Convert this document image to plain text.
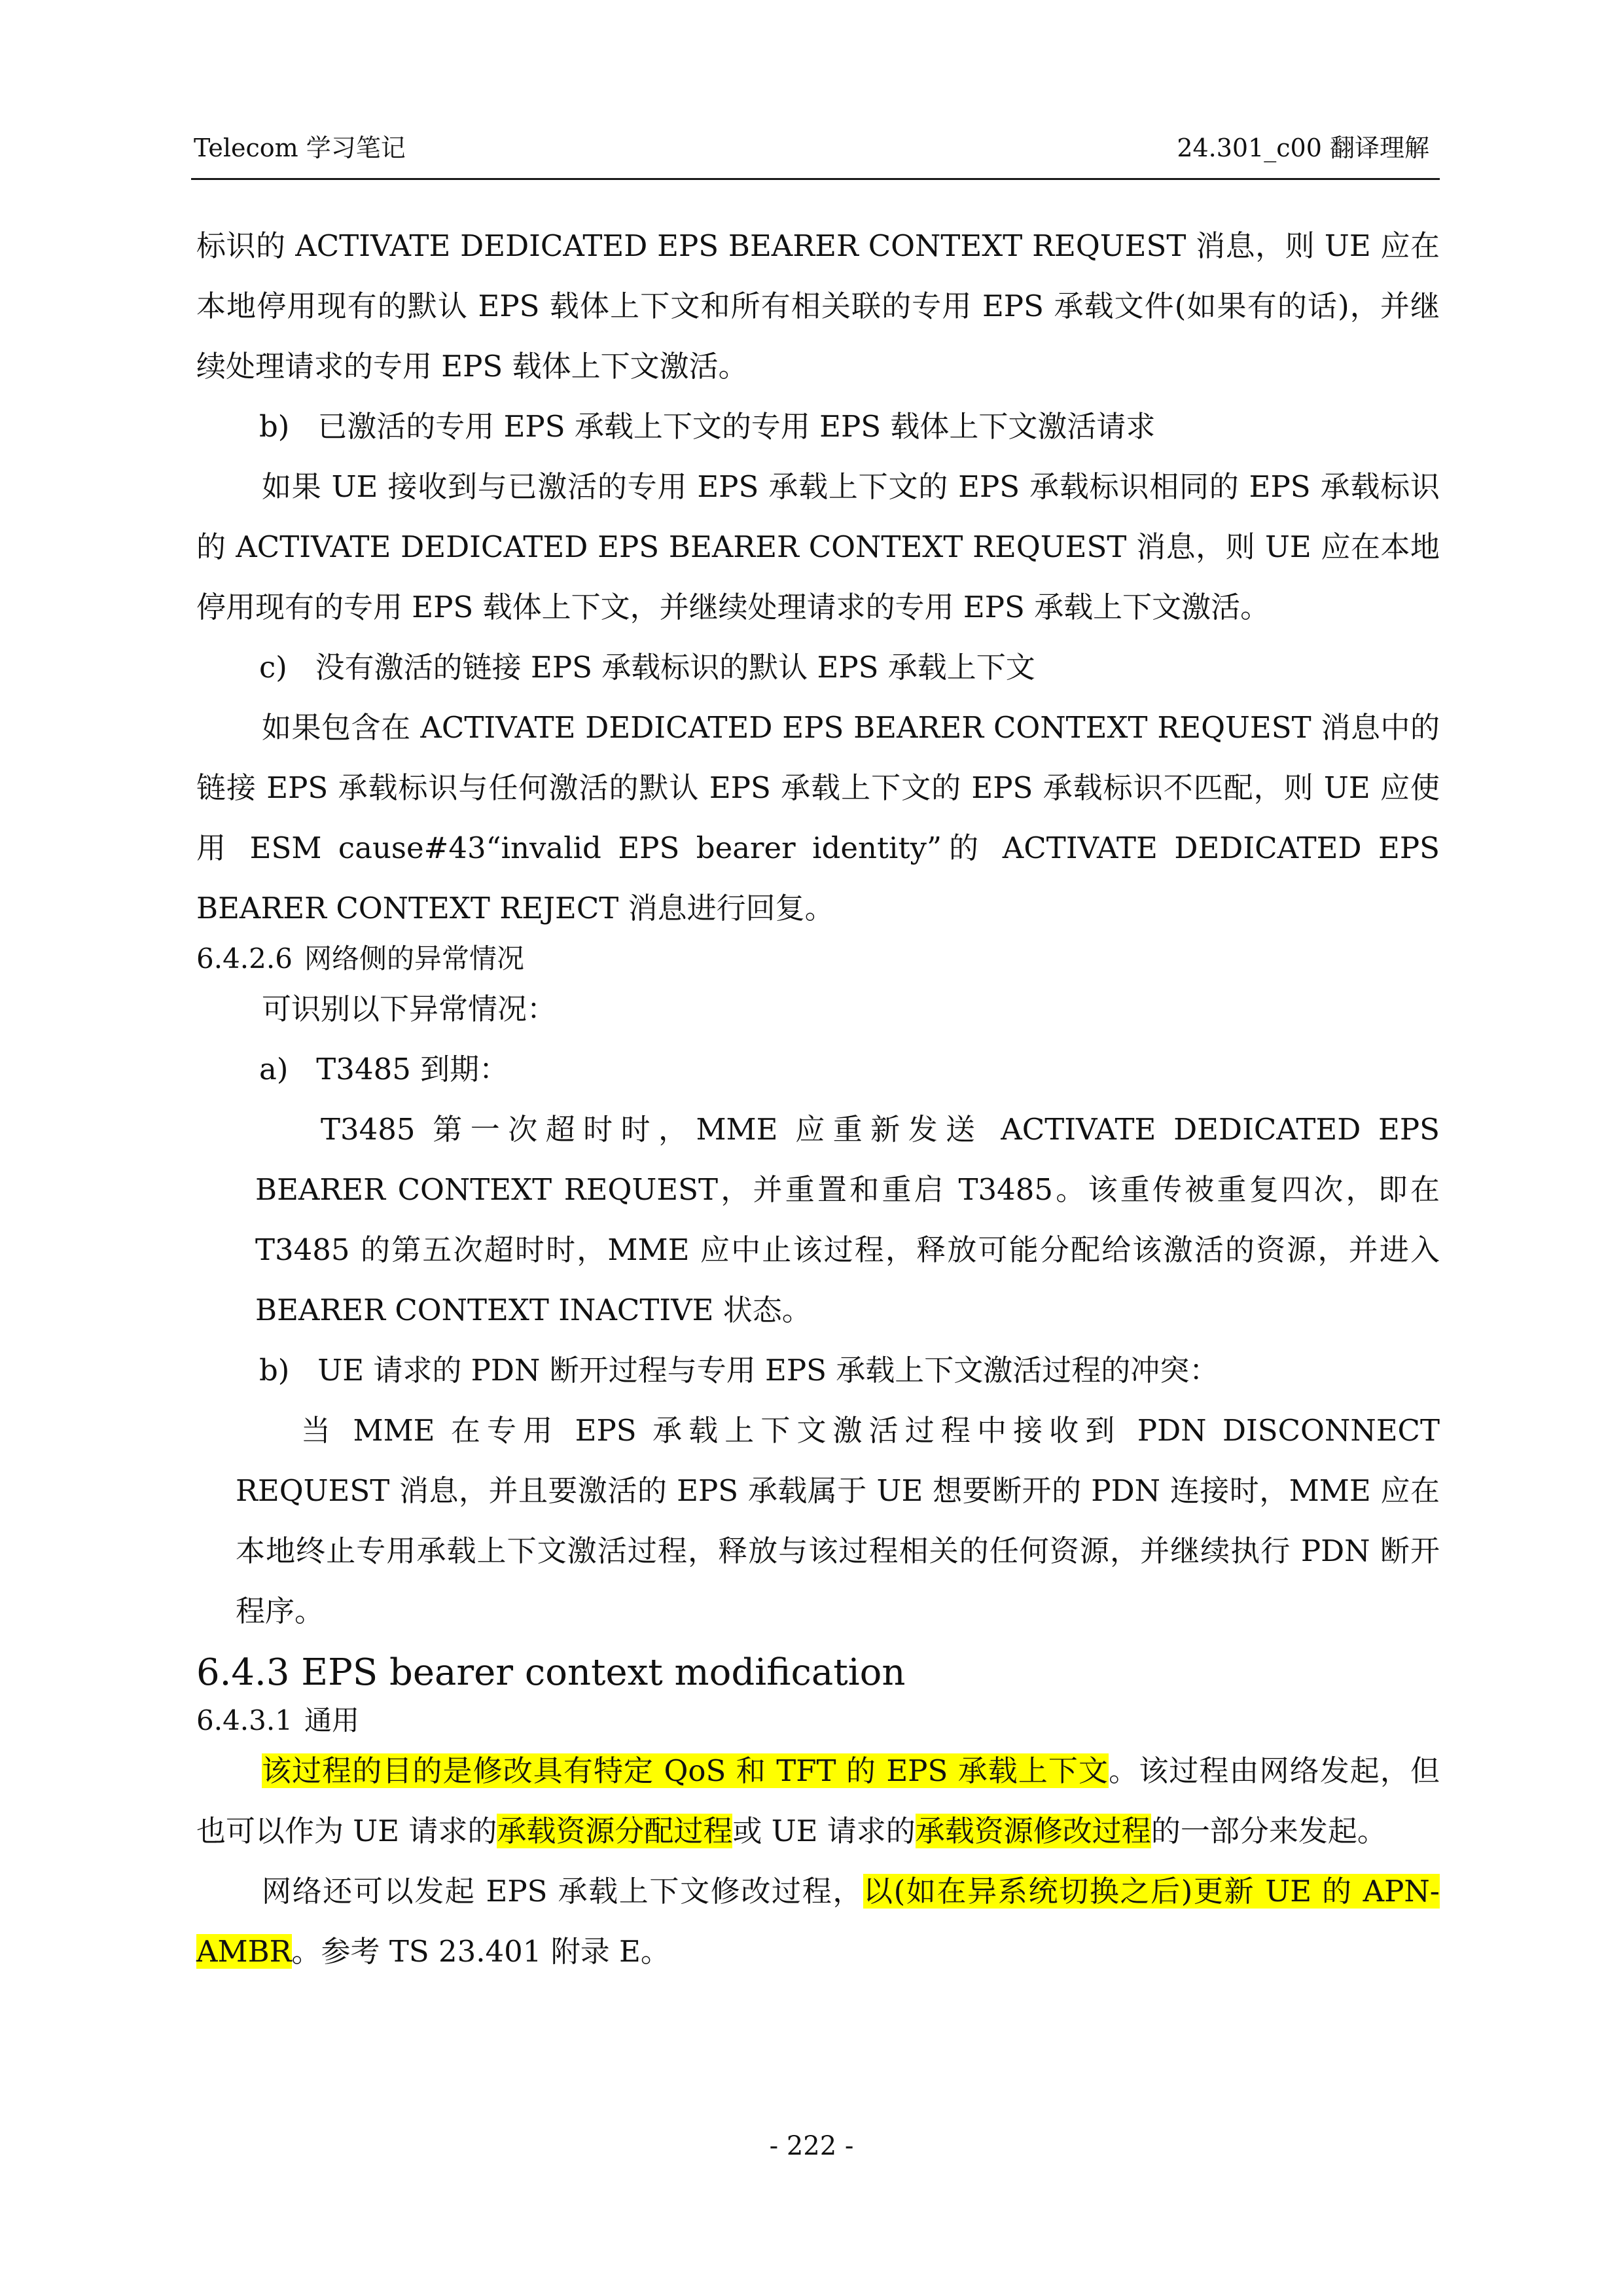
Telecom 学习笔记	24.301_c00 翻译理解

标识的 ACTIVATE DEDICATED EPS BEARER CONTEXT REQUEST 消息，则 UE 应在本地停用现有的默认 EPS 载体上下文和所有相关联的专用 EPS 承载文件(如果有的话)，并继续处理请求的专用 EPS 载体上下文激活。

b)   已激活的专用 EPS 承载上下文的专用 EPS 载体上下文激活请求

如果 UE 接收到与已激活的专用 EPS 承载上下文的 EPS 承载标识相同的 EPS 承载标识的 ACTIVATE DEDICATED EPS BEARER CONTEXT REQUEST 消息，则 UE 应在本地停用现有的专用 EPS 载体上下文，并继续处理请求的专用 EPS 承载上下文激活。

c)   没有激活的链接 EPS 承载标识的默认 EPS 承载上下文

如果包含在 ACTIVATE DEDICATED EPS BEARER CONTEXT REQUEST 消息中的链接 EPS 承载标识与任何激活的默认 EPS 承载上下文的 EPS 承载标识不匹配，则 UE 应使用 ESM cause#43“invalid EPS bearer identity”的 ACTIVATE DEDICATED EPS BEARER CONTEXT REJECT 消息进行回复。

6.4.2.6 网络侧的异常情况

可识别以下异常情况：

a)   T3485 到期：

T3485 第一次超时时，MME 应重新发送 ACTIVATE DEDICATED EPS BEARER CONTEXT REQUEST，并重置和重启 T3485。该重传被重复四次，即在 T3485 的第五次超时时，MME 应中止该过程，释放可能分配给该激活的资源，并进入 BEARER CONTEXT INACTIVE 状态。

b)   UE 请求的 PDN 断开过程与专用 EPS 承载上下文激活过程的冲突：

当 MME 在专用 EPS 承载上下文激活过程中接收到 PDN DISCONNECT REQUEST 消息，并且要激活的 EPS 承载属于 UE 想要断开的 PDN 连接时，MME 应在本地终止专用承载上下文激活过程，释放与该过程相关的任何资源，并继续执行 PDN 断开程序。

6.4.3 EPS bearer context modification

6.4.3.1 通用

该过程的目的是修改具有特定 QoS 和 TFT 的 EPS 承载上下文。该过程由网络发起，但也可以作为 UE 请求的承载资源分配过程或 UE 请求的承载资源修改过程的一部分来发起。

网络还可以发起 EPS 承载上下文修改过程，以(如在异系统切换之后)更新 UE 的 APN-AMBR。参考 TS 23.401 附录 E。

- 222 -
